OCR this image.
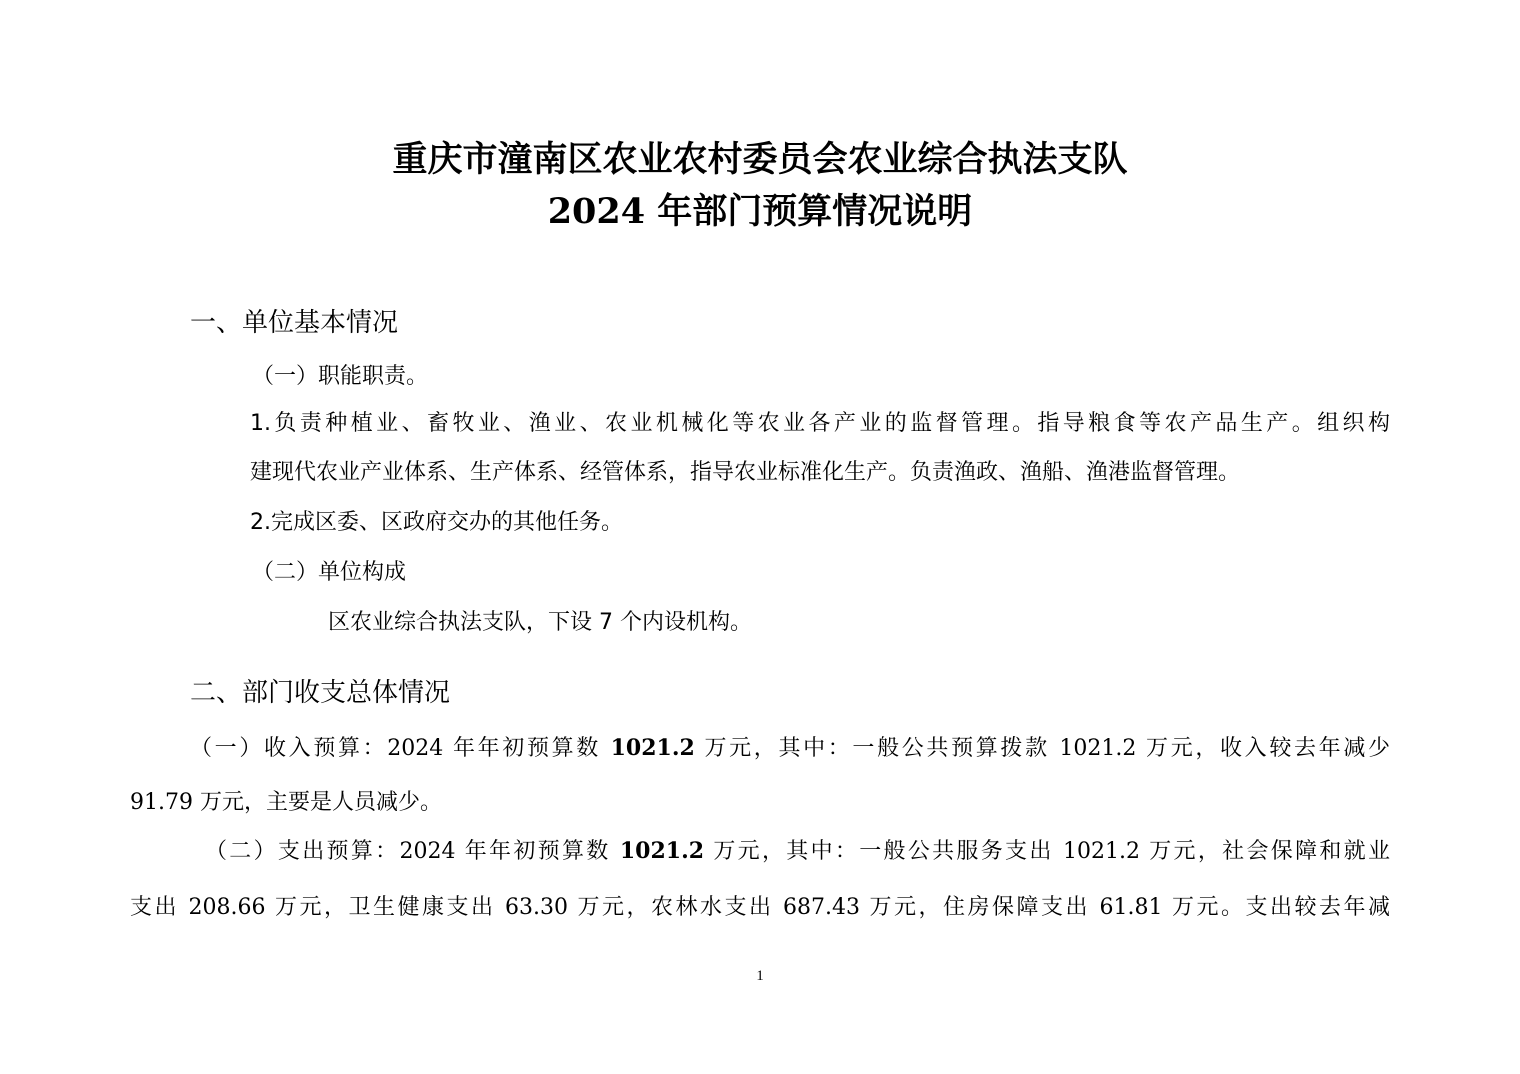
重庆市潼南区农业农村委员会农业综合执法支队
2024 年部门预算情况说明
一、单位基本情况
（一）职能职责。
1.负责种植业、畜牧业、渔业、农业机械化等农业各产业的监督管理。指导粮食等农产品生产。组织构
建现代农业产业体系、生产体系、经管体系，指导农业标准化生产。负责渔政、渔船、渔港监督管理。
2.完成区委、区政府交办的其他任务。
（二）单位构成
区农业综合执法支队，下设 7 个内设机构。
二、部门收支总体情况
（一）收入预算：2024 年年初预算数 1021.2 万元，其中：一般公共预算拨款 1021.2 万元，收入较去年减少
91.79 万元，主要是人员减少。
（二）支出预算：2024 年年初预算数 1021.2 万元，其中：一般公共服务支出 1021.2 万元，社会保障和就业
支出 208.66 万元，卫生健康支出 63.30 万元，农林水支出 687.43 万元，住房保障支出 61.81 万元。支出较去年减
1
